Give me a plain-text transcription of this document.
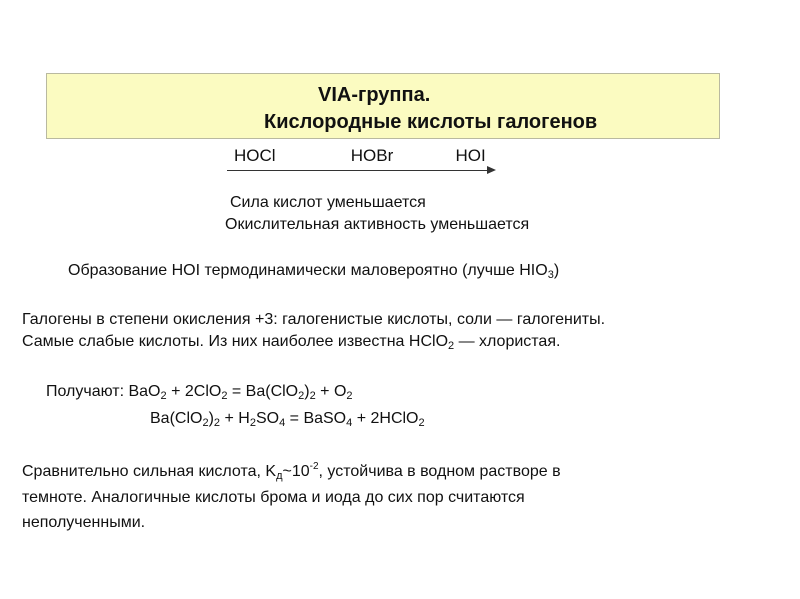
VIA-группа.
Кислородные кислоты галогенов
HOCl	HOBr	HOI
Сила кислот уменьшается
Окислительная активность уменьшается
Образование HOI термодинамически маловероятно (лучше $HIO_3$)
Галогены в степени окисления +3: галогенистые кислоты, соли — галогениты.
Самые слабые кислоты. Из них наиболее известна HClO$_2$ — хлористая.
Получают: $BaO_2 + 2ClO_2 = Ba(ClO_2)_2 + O_2$
$Ba(ClO_2)_2 + H_2SO_4$ = BaSO$_4$ + 2HClO$_2$
Сравнительно сильная кислота, $K_д\sim 10^{-2}$, устойчива в водном растворе в
темноте. Аналогичные кислоты брома и иода до сих пор считаются
неполученными.
